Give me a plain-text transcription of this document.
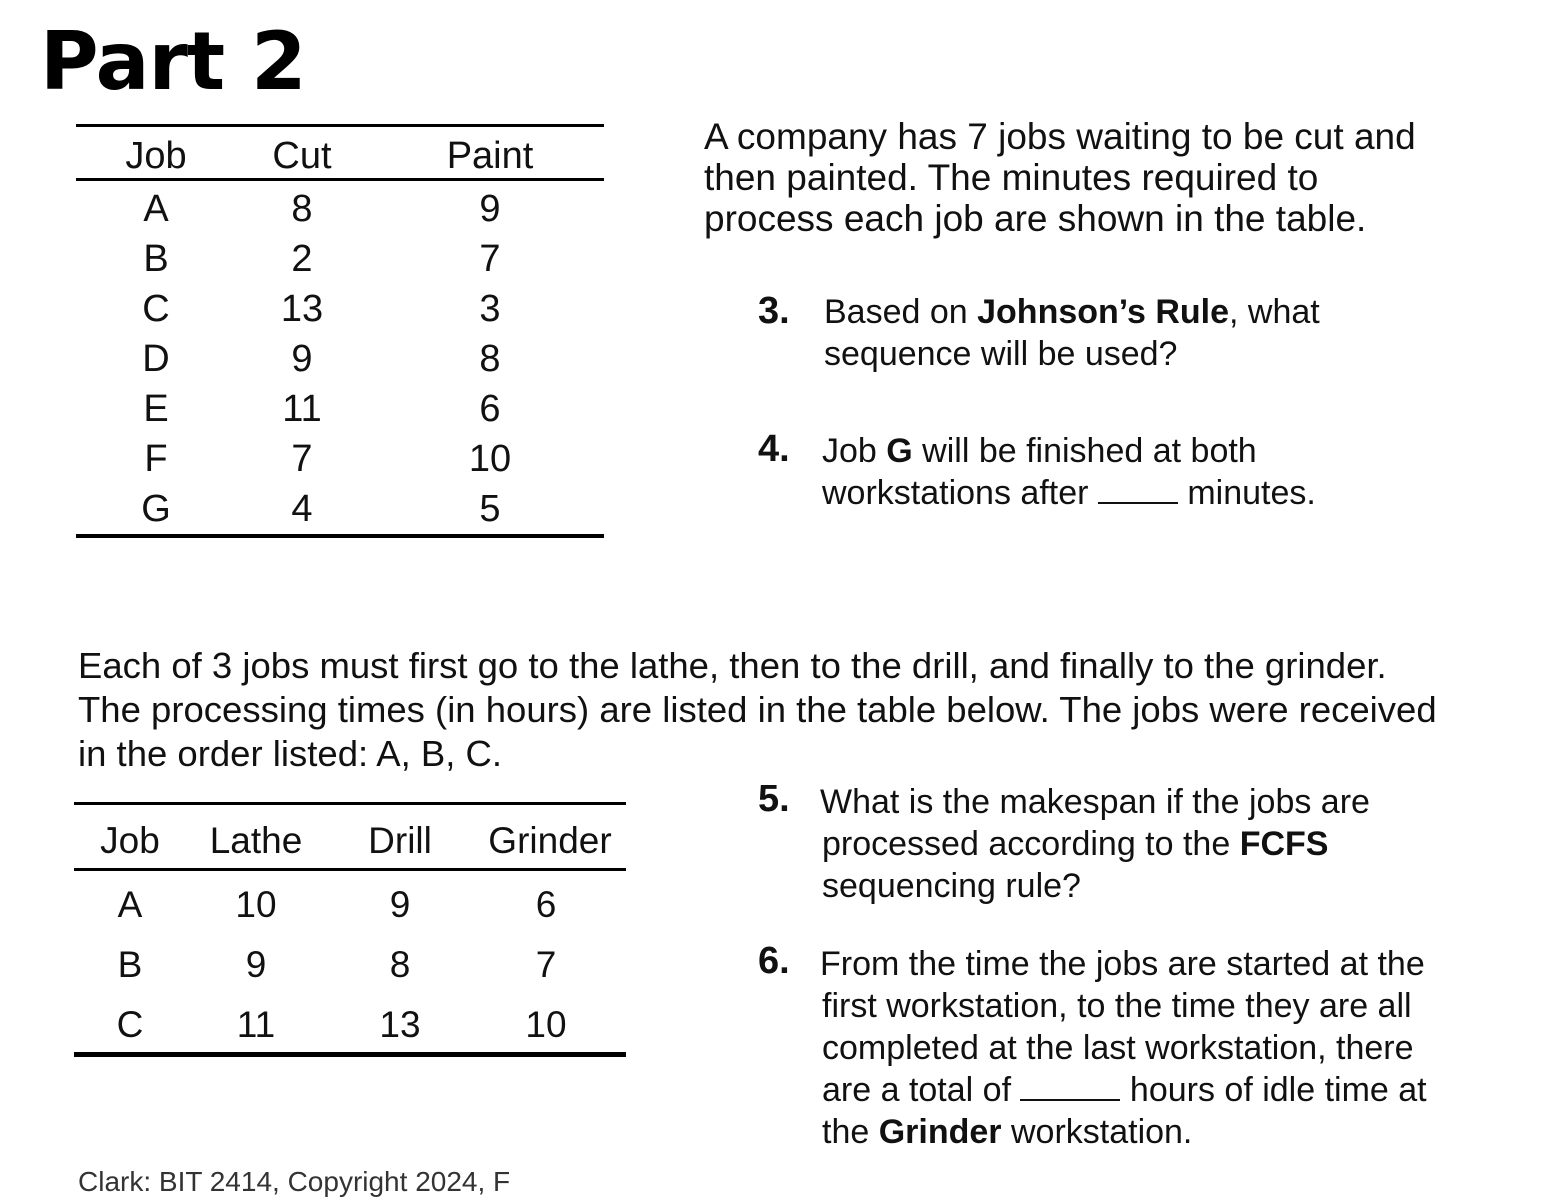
Part 2
Job Cut	Paint
A	8	9
B	2	7
C	13	3
D	9	8
E	11	6
F	7	10
G	4	5
A company has 7 jobs waiting to be cut and
then painted. The minutes required to
process each job are shown in the table.
3. Based on Johnson’s Rule, what
sequence will be used?
4. Job G will be finished at both
workstations after  minutes.
Each of 3 jobs must first go to the lathe, then to the drill, and finally to the grinder.
The processing times (in hours) are listed in the table below. The jobs were received
in the order listed: A, B, C.
Job Lathe Drill Grinder
A	10	9	6
B	9	8	7
C	11	13	10
5. What is the makespan if the jobs are
processed according to the FCFS
sequencing rule?
6. From the time the jobs are started at the
first workstation, to the time they are all
completed at the last workstation, there
are a total of	hours of idle time at
the Grinder workstation.
Clark: BIT 2414, Copyright 2024, F
